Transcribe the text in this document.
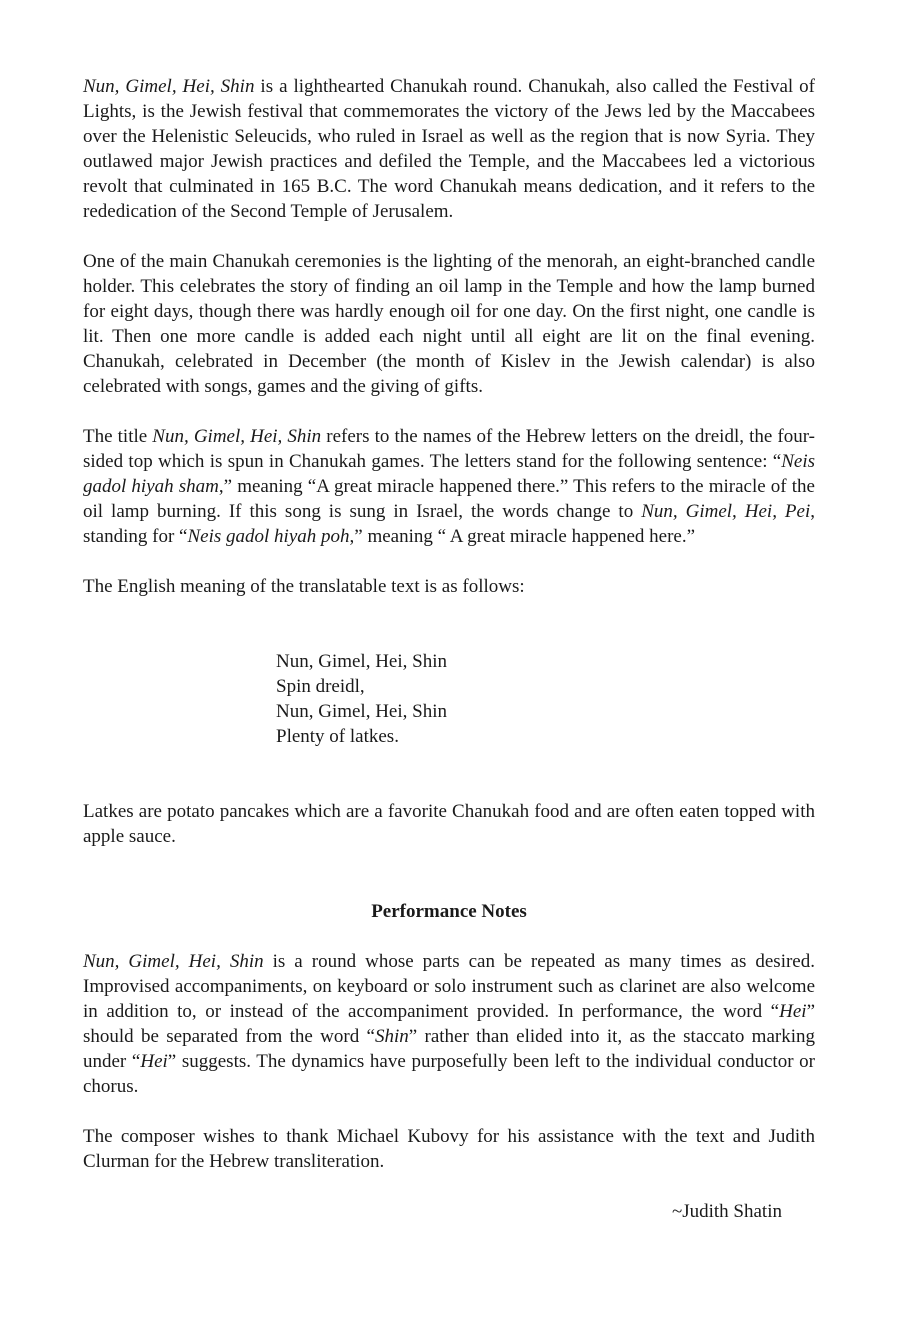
Nun, Gimel, Hei, Shin is a lighthearted Chanukah round. Chanukah, also called the Festival of Lights, is the Jewish festival that commemorates the victory of the Jews led by the Maccabees over the Helenistic Seleucids, who ruled in Israel as well as the region that is now Syria. They outlawed major Jewish practices and defiled the Temple, and the Maccabees led a victorious revolt that culminated in 165 B.C. The word Chanukah means dedication, and it refers to the rededication of the Second Temple of Jerusalem.

One of the main Chanukah ceremonies is the lighting of the menorah, an eight-branched candle holder. This celebrates the story of finding an oil lamp in the Temple and how the lamp burned for eight days, though there was hardly enough oil for one day. On the first night, one candle is lit. Then one more candle is added each night until all eight are lit on the final evening. Chanukah, celebrated in December (the month of Kislev in the Jewish calendar) is also celebrated with songs, games and the giving of gifts.

The title Nun, Gimel, Hei, Shin refers to the names of the Hebrew letters on the dreidl, the four-sided top which is spun in Chanukah games. The letters stand for the following sentence: “Neis gadol hiyah sham,” meaning “A great miracle happened there.” This refers to the miracle of the oil lamp burning. If this song is sung in Israel, the words change to Nun, Gimel, Hei, Pei, standing for “Neis gadol hiyah poh,” meaning “ A great miracle happened here.”

The English meaning of the translatable text is as follows:

Nun, Gimel, Hei, Shin
Spin dreidl,
Nun, Gimel, Hei, Shin
Plenty of latkes.

Latkes are potato pancakes which are a favorite Chanukah food and are often eaten topped with apple sauce.

Performance Notes

Nun, Gimel, Hei, Shin is a round whose parts can be repeated as many times as desired. Improvised accompaniments, on keyboard or solo instrument such as clarinet are also welcome in addition to, or instead of the accompaniment provided. In performance, the word “Hei” should be separated from the word “Shin” rather than elided into it, as the staccato marking under “Hei” suggests. The dynamics have purposefully been left to the individual conductor or chorus.

The composer wishes to thank Michael Kubovy for his assistance with the text and Judith Clurman for the Hebrew transliteration.

~Judith Shatin
